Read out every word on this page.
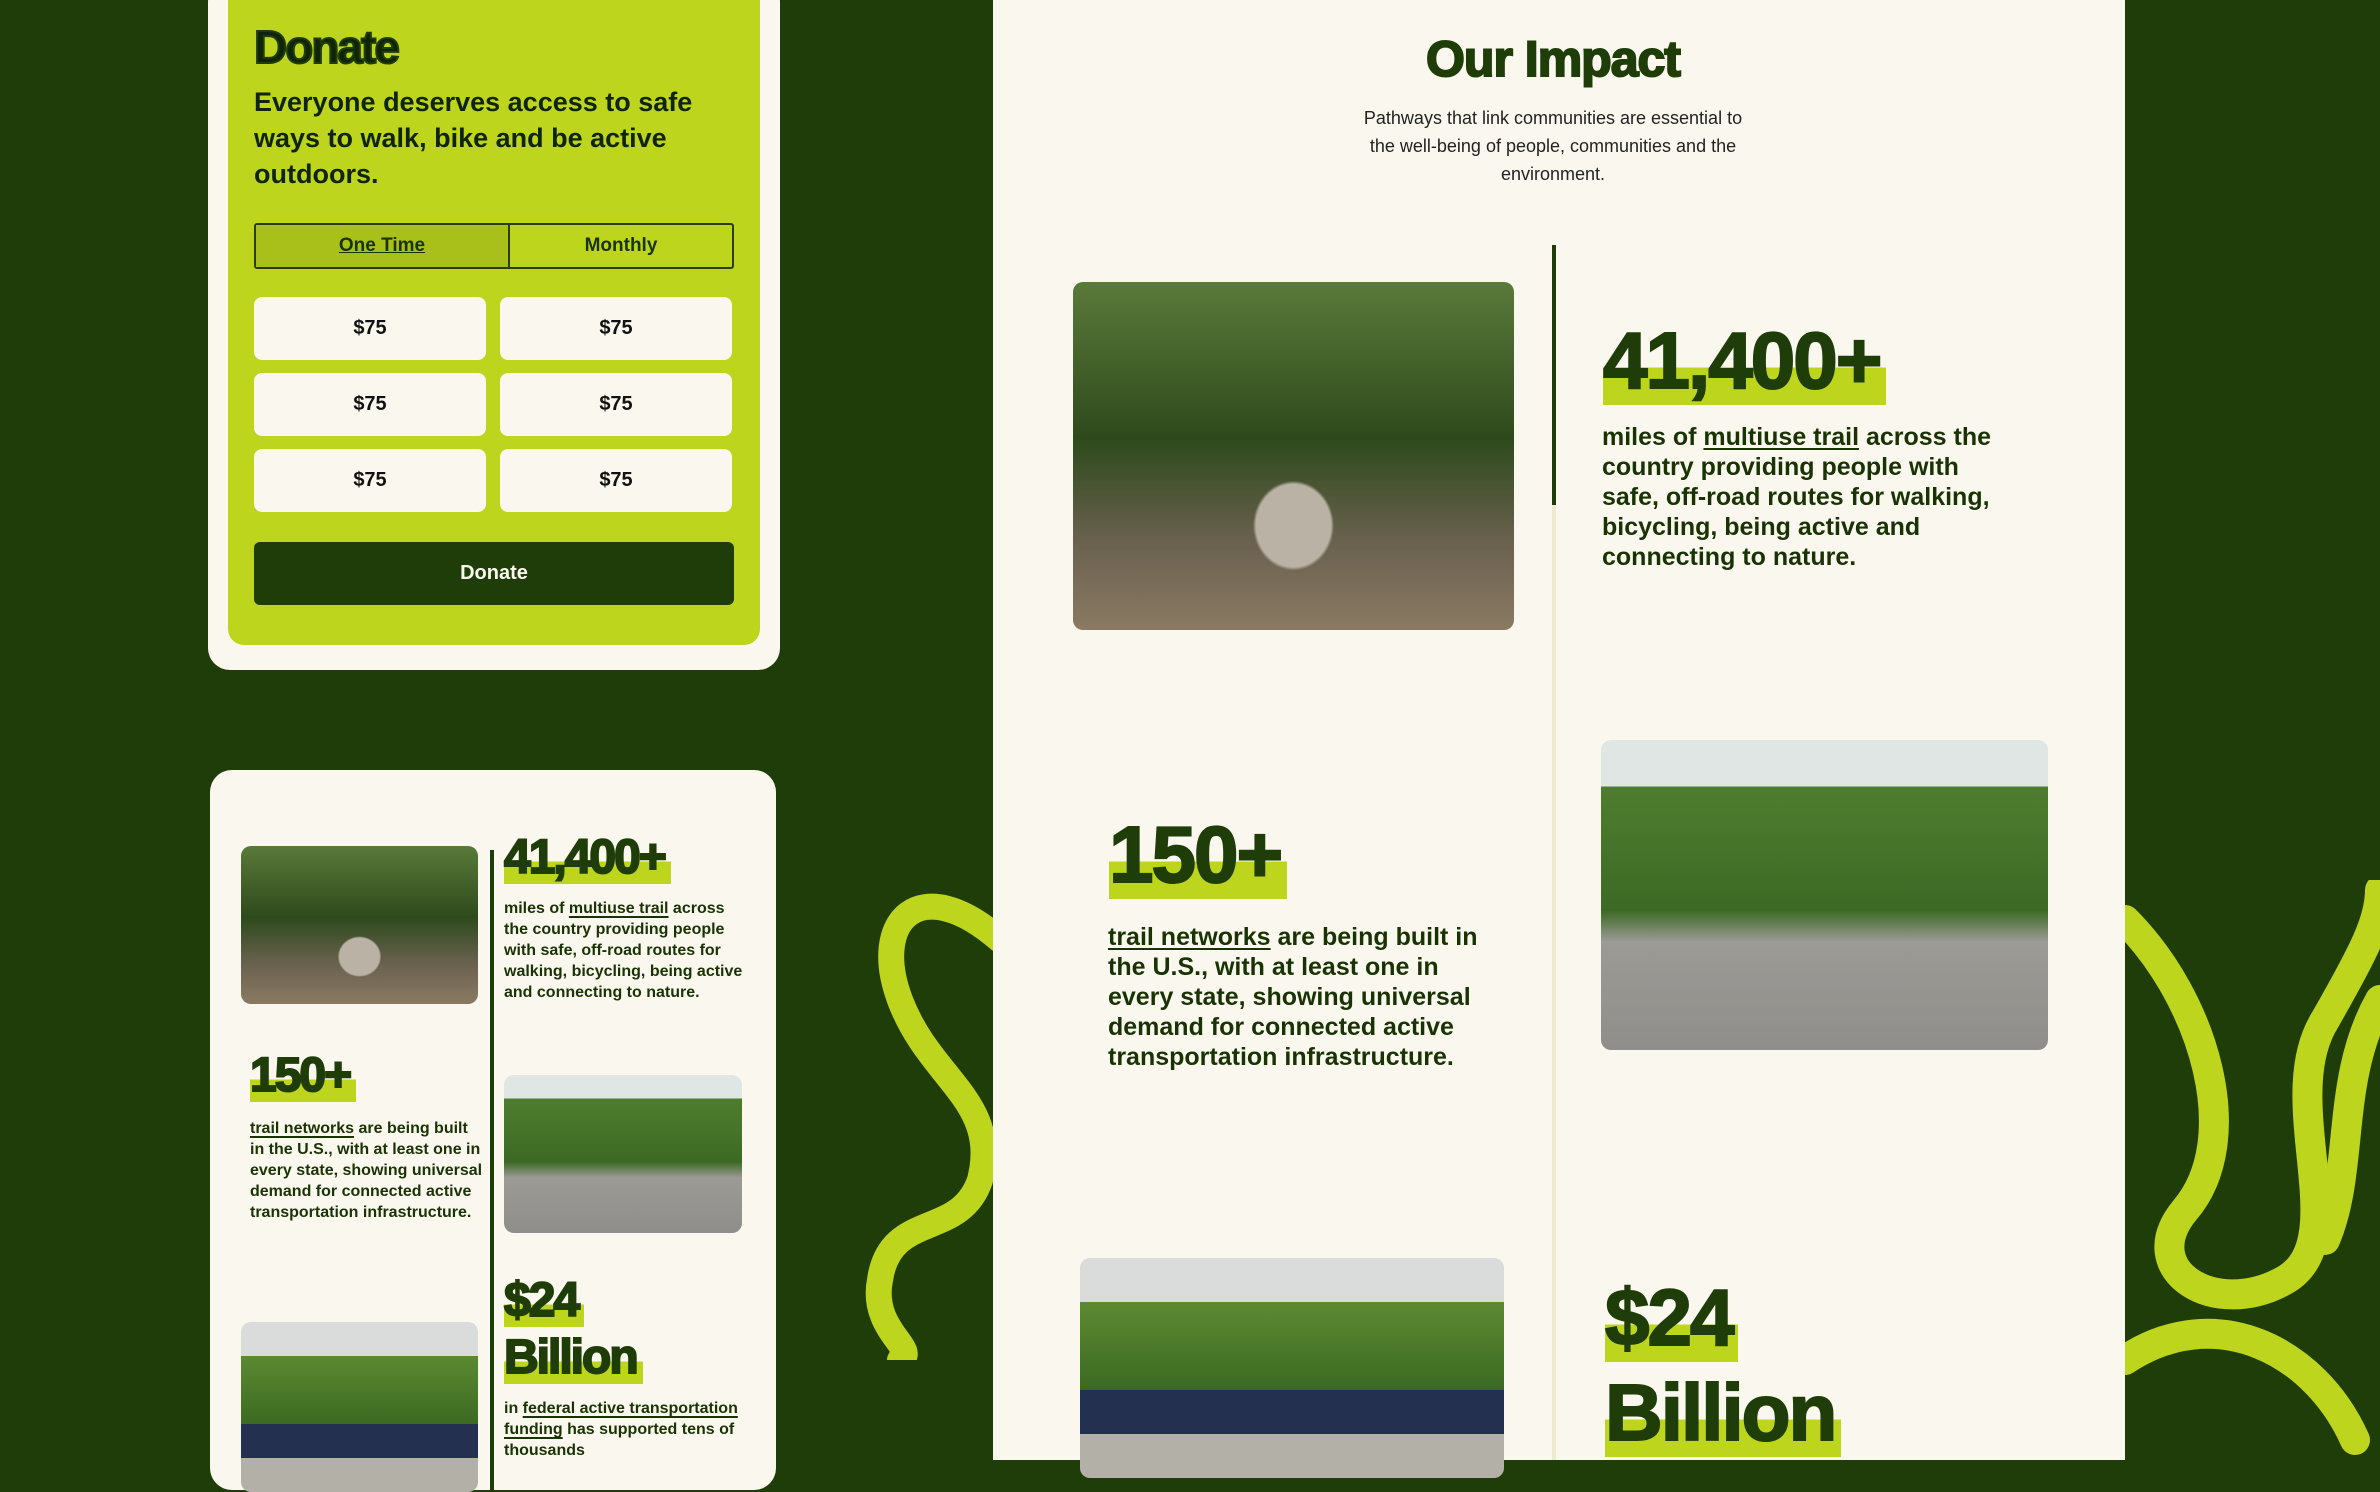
Donate
Everyone deserves access to safe ways to walk, bike and be active outdoors.
One Time	Monthly
$75	$75
$75	$75
$75	$75
Donate
41,400+
miles of multiuse trail across the country providing people with safe, off-road routes for walking, bicycling, being active and connecting to nature.
150+
trail networks are being built in the U.S., with at least one in every state, showing universal demand for connected active transportation infrastructure.
$24
Billion
in federal active transportation funding has supported tens of thousands
Our Impact
Pathways that link communities are essential to the well-being of people, communities and the environment.
41,400+
miles of multiuse trail across the country providing people with safe, off-road routes for walking, bicycling, being active and connecting to nature.
150+
trail networks are being built in the U.S., with at least one in every state, showing universal demand for connected active transportation infrastructure.
$24
Billion
